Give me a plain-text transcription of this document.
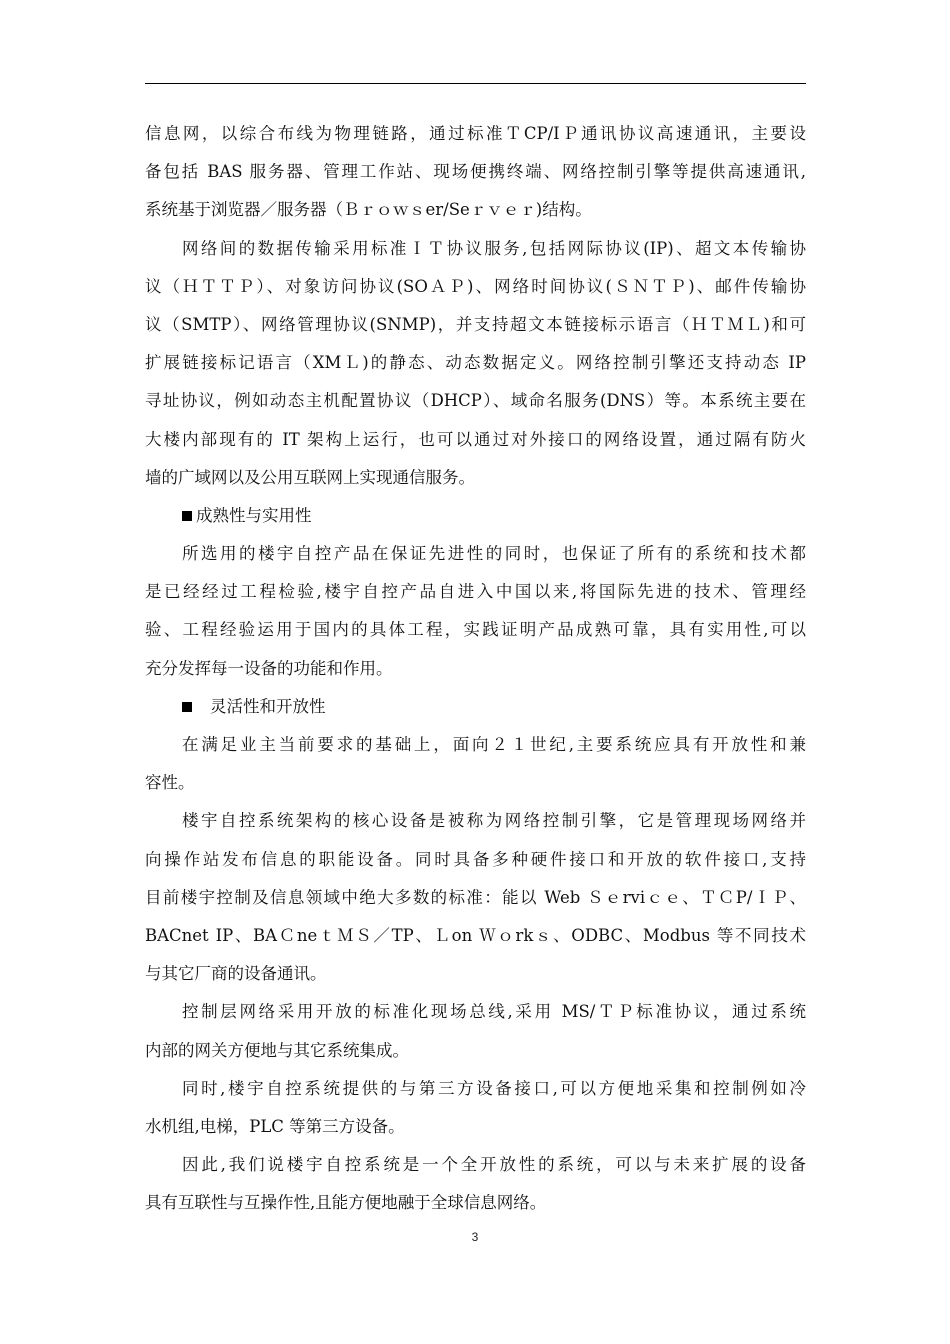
信息网，以综合布线为物理链路，通过标准ＴCP/IＰ通讯协议高速通讯，主要设
备包括 BAS 服务器、管理工作站、现场便携终端、网络控制引擎等提供高速通讯,
系统基于浏览器／服务器（Ｂｒｏｗｓer/Seｒｖｅｒ)结构。
网络间的数据传输采用标准ＩＴ协议服务,包括网际协议(IP)、超文本传输协
议（ＨＴＴＰ）、对象访问协议(SOＡＰ)、网络时间协议(ＳＮＴＰ)、邮件传输协
议（SMTP）、网络管理协议(SNMP)，并支持超文本链接标示语言（ＨＴＭＬ)和可
扩展链接标记语言（XMＬ)的静态、动态数据定义。网络控制引擎还支持动态 IP
寻址协议，例如动态主机配置协议（DHCP）、域命名服务(DNS）等。本系统主要在
大楼内部现有的 IT 架构上运行，也可以通过对外接口的网络设置，通过隔有防火
墙的广域网以及公用互联网上实现通信服务。
成熟性与实用性
所选用的楼宇自控产品在保证先进性的同时，也保证了所有的系统和技术都
是已经经过工程检验,楼宇自控产品自进入中国以来,将国际先进的技术、管理经
验、工程经验运用于国内的具体工程，实践证明产品成熟可靠，具有实用性,可以
充分发挥每一设备的功能和作用。
灵活性和开放性
在满足业主当前要求的基础上，面向２１世纪,主要系统应具有开放性和兼
容性。
楼宇自控系统架构的核心设备是被称为网络控制引擎，它是管理现场网络并
向操作站发布信息的职能设备。同时具备多种硬件接口和开放的软件接口,支持
目前楼宇控制及信息领域中绝大多数的标准：能以 Web Ｓｅrviｃｅ、ＴＣP/ＩＰ、
BACnet IP、BAＣneｔＭＳ／TP、Ｌon Ｗｏrkｓ、ODBC、Modbus 等不同技术
与其它厂商的设备通讯。
控制层网络采用开放的标准化现场总线,采用 MS/ＴＰ标准协议，通过系统
内部的网关方便地与其它系统集成。
同时,楼宇自控系统提供的与第三方设备接口,可以方便地采集和控制例如冷
水机组,电梯，PLC 等第三方设备。
因此,我们说楼宇自控系统是一个全开放性的系统，可以与未来扩展的设备
具有互联性与互操作性,且能方便地融于全球信息网络。
3
